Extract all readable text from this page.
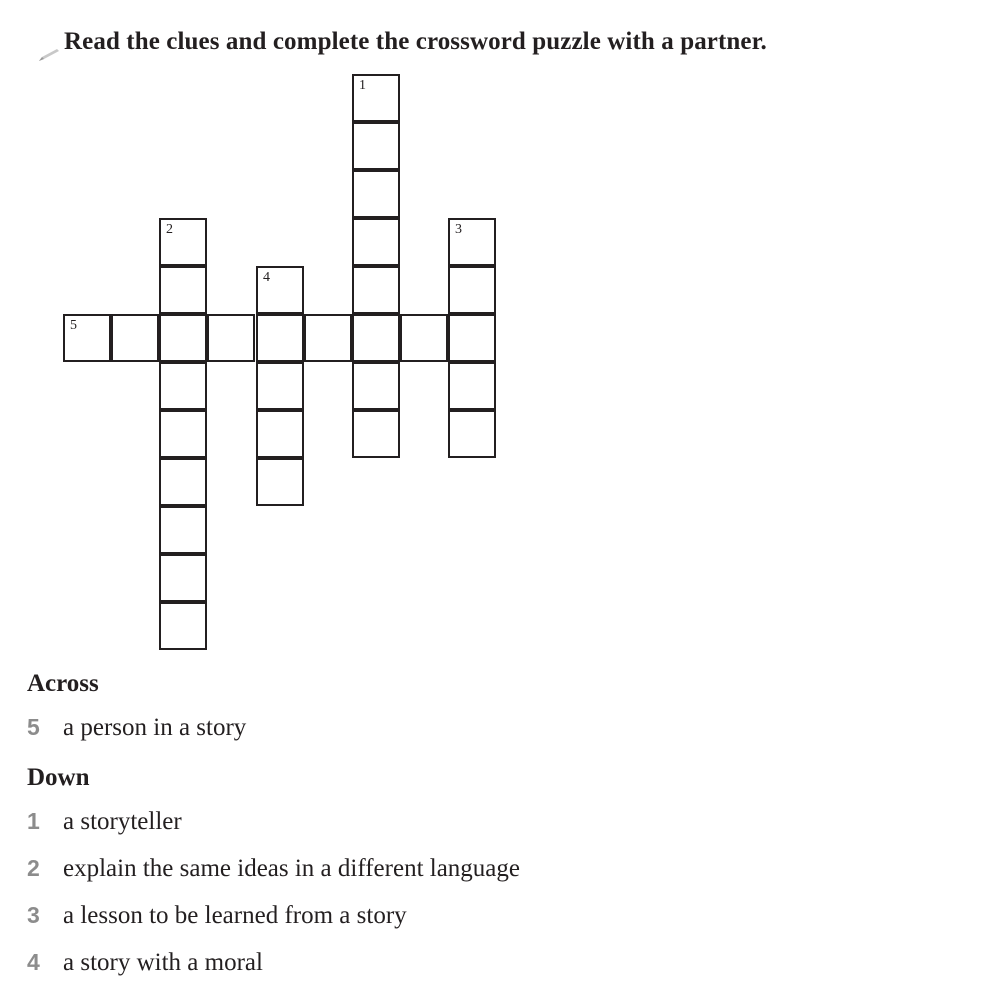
Read the clues and complete the crossword puzzle with a partner.
1
2	3
4
5
Across
5 a person in a story
Down
1 a storyteller
2 explain the same ideas in a different language
3 a lesson to be learned from a story
4 a story with a moral
